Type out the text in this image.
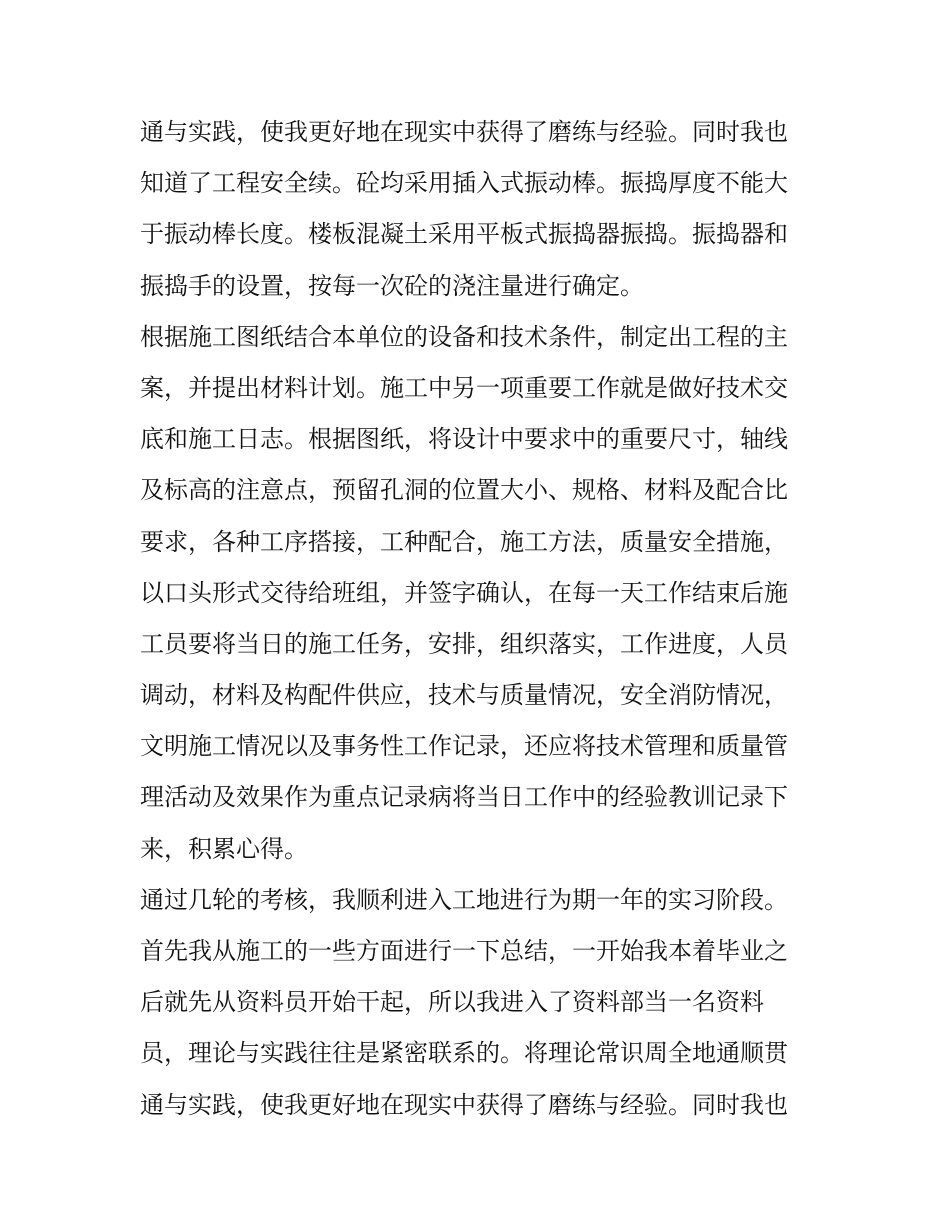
通与实践，使我更好地在现实中获得了磨练与经验。同时我也
知道了工程安全续。砼均采用插入式振动棒。振捣厚度不能大
于振动棒长度。楼板混凝土采用平板式振捣器振捣。振捣器和
振捣手的设置，按每一次砼的浇注量进行确定。
根据施工图纸结合本单位的设备和技术条件，制定出工程的主
案，并提出材料计划。施工中另一项重要工作就是做好技术交
底和施工日志。根据图纸，将设计中要求中的重要尺寸，轴线
及标高的注意点，预留孔洞的位置大小、规格、材料及配合比
要求，各种工序搭接，工种配合，施工方法，质量安全措施，
以口头形式交待给班组，并签字确认，在每一天工作结束后施
工员要将当日的施工任务，安排，组织落实，工作进度，人员
调动，材料及构配件供应，技术与质量情况，安全消防情况，
文明施工情况以及事务性工作记录，还应将技术管理和质量管
理活动及效果作为重点记录病将当日工作中的经验教训记录下
来，积累心得。
通过几轮的考核，我顺利进入工地进行为期一年的实习阶段。
首先我从施工的一些方面进行一下总结，一开始我本着毕业之
后就先从资料员开始干起，所以我进入了资料部当一名资料
员，理论与实践往往是紧密联系的。将理论常识周全地通顺贯
通与实践，使我更好地在现实中获得了磨练与经验。同时我也
